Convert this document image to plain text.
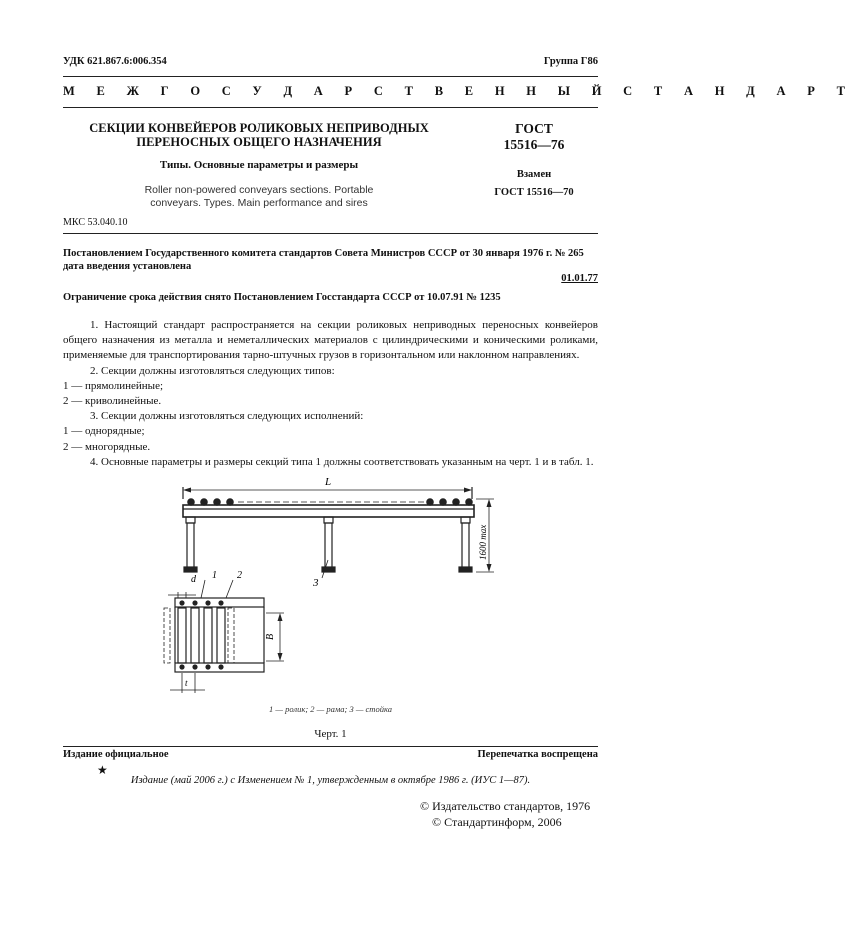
УДК 621.867.6:006.354	Группа Г86
М Е Ж Г О С У Д А Р С Т В Е Н Н Ы Й С Т А Н Д А Р Т
СЕКЦИИ КОНВЕЙЕРОВ РОЛИКОВЫХ НЕПРИВОДНЫХ
ПЕРЕНОСНЫХ ОБЩЕГО НАЗНАЧЕНИЯ
Типы. Основные параметры и размеры
Roller non-powered conveyars sections. Portable
conveyars. Types. Main performance and sires
ГОСТ
15516—76
Взамен
ГОСТ 15516—70
МКС 53.040.10
Постановлением Государственного комитета стандартов Совета Министров СССР от 30 января 1976 г. № 265
дата введения установлена
01.01.77
Ограничение срока действия снято Постановлением Госстандарта СССР от 10.07.91 № 1235

1. Настоящий стандарт распространяется на секции роликовых неприводных переносных конвейеров общего назначения из металла и неметаллических материалов с цилиндрическими и коническими роликами, применяемые для транспортирования тарно-штучных грузов в горизонтальном или наклонном направлениях.

2. Секции должны изготовляться следующих типов:

1 — прямолинейные;

2 — криволинейные.

3. Секции должны изготовляться следующих исполнений:

1 — однорядные;

2 — многорядные.

4. Основные параметры и размеры секций типа 1 должны соответствовать указанным на черт. 1 и в табл. 1.

L
1600 max
3
d 1 2
B
t
1 — ролик; 2 — рама; 3 — стойка
Черт. 1
Издание официальное	Перепечатка воспрещена
★
Издание (май 2006 г.) с Изменением № 1, утвержденным в октябре 1986 г. (ИУС 1—87).
© Издательство стандартов, 1976
© Стандартинформ, 2006
